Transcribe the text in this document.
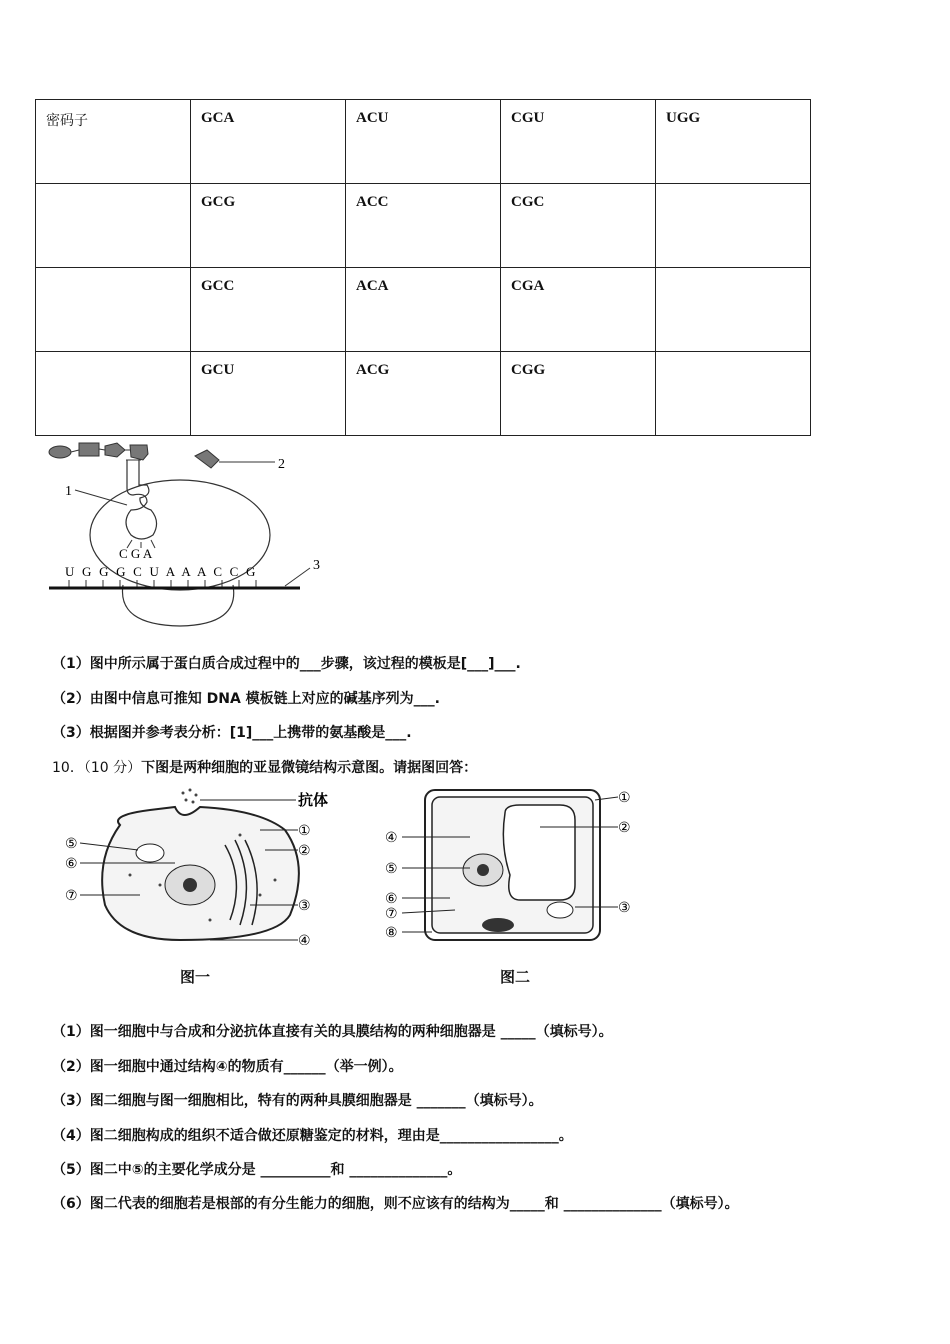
密码子	GCA	ACU	CGU	UGG
	GCG	ACC	CGC	
	GCC	ACA	CGA	
	GCU	ACG	CGG	
2
1
C G A
U G G G C U A A A C C G	3
（1）图中所示属于蛋白质合成过程中的___步骤，该过程的模板是[___]___.
（2）由图中信息可推知 DNA 模板链上对应的碱基序列为___.
（3）根据图并参考表分析：[1]___上携带的氨基酸是___.
10．（10 分）下图是两种细胞的亚显微镜结构示意图。请据图回答：
抗体
①
②
③
④
⑤
⑥
⑦
图一
①
②
③
④
⑤
⑥
⑦
⑧
图二
（1）图一细胞中与合成和分泌抗体直接有关的具膜结构的两种细胞器是 _____（填标号）。
（2）图一细胞中通过结构④的物质有______（举一例）。
（3）图二细胞与图一细胞相比，特有的两种具膜细胞器是 _______（填标号）。
（4）图二细胞构成的组织不适合做还原糖鉴定的材料，理由是_________________。
（5）图二中⑤的主要化学成分是 __________和 ______________。
（6）图二代表的细胞若是根部的有分生能力的细胞，则不应该有的结构为_____和 ______________（填标号）。
